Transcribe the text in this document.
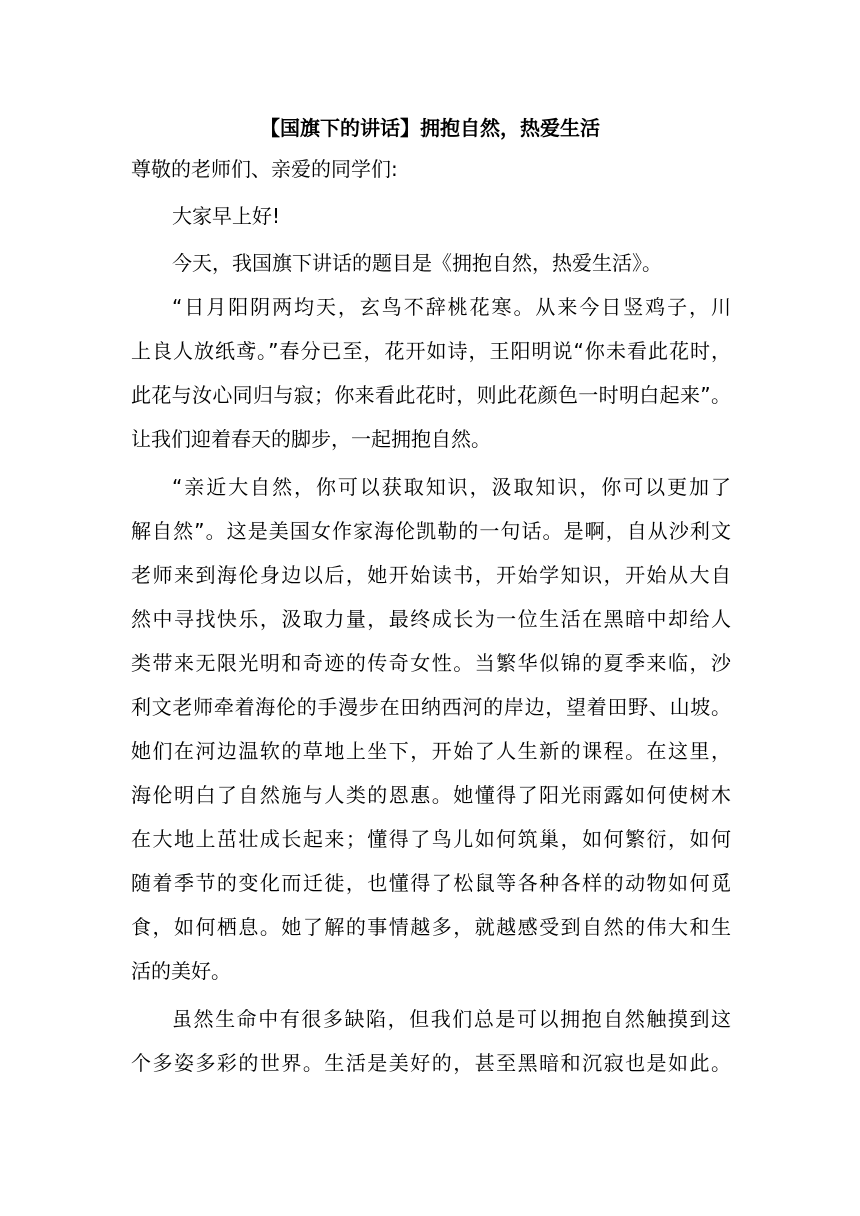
【国旗下的讲话】拥抱自然，热爱生活
尊敬的老师们、亲爱的同学们:
大家早上好!
今天，我国旗下讲话的题目是《拥抱自然，热爱生活》。
“日月阳阴两均天，玄鸟不辞桃花寒。从来今日竖鸡子，川
上良人放纸鸢。”春分已至，花开如诗，王阳明说“你未看此花时，
此花与汝心同归与寂；你来看此花时，则此花颜色一时明白起来”。
让我们迎着春天的脚步，一起拥抱自然。
“亲近大自然，你可以获取知识，汲取知识，你可以更加了
解自然”。这是美国女作家海伦凯勒的一句话。是啊，自从沙利文
老师来到海伦身边以后，她开始读书，开始学知识，开始从大自
然中寻找快乐，汲取力量，最终成长为一位生活在黑暗中却给人
类带来无限光明和奇迹的传奇女性。当繁华似锦的夏季来临，沙
利文老师牵着海伦的手漫步在田纳西河的岸边，望着田野、山坡。
她们在河边温软的草地上坐下，开始了人生新的课程。在这里，
海伦明白了自然施与人类的恩惠。她懂得了阳光雨露如何使树木
在大地上茁壮成长起来；懂得了鸟儿如何筑巢，如何繁衍，如何
随着季节的变化而迁徙，也懂得了松鼠等各种各样的动物如何觅
食，如何栖息。她了解的事情越多，就越感受到自然的伟大和生
活的美好。
虽然生命中有很多缺陷，但我们总是可以拥抱自然触摸到这
个多姿多彩的世界。生活是美好的，甚至黑暗和沉寂也是如此。
